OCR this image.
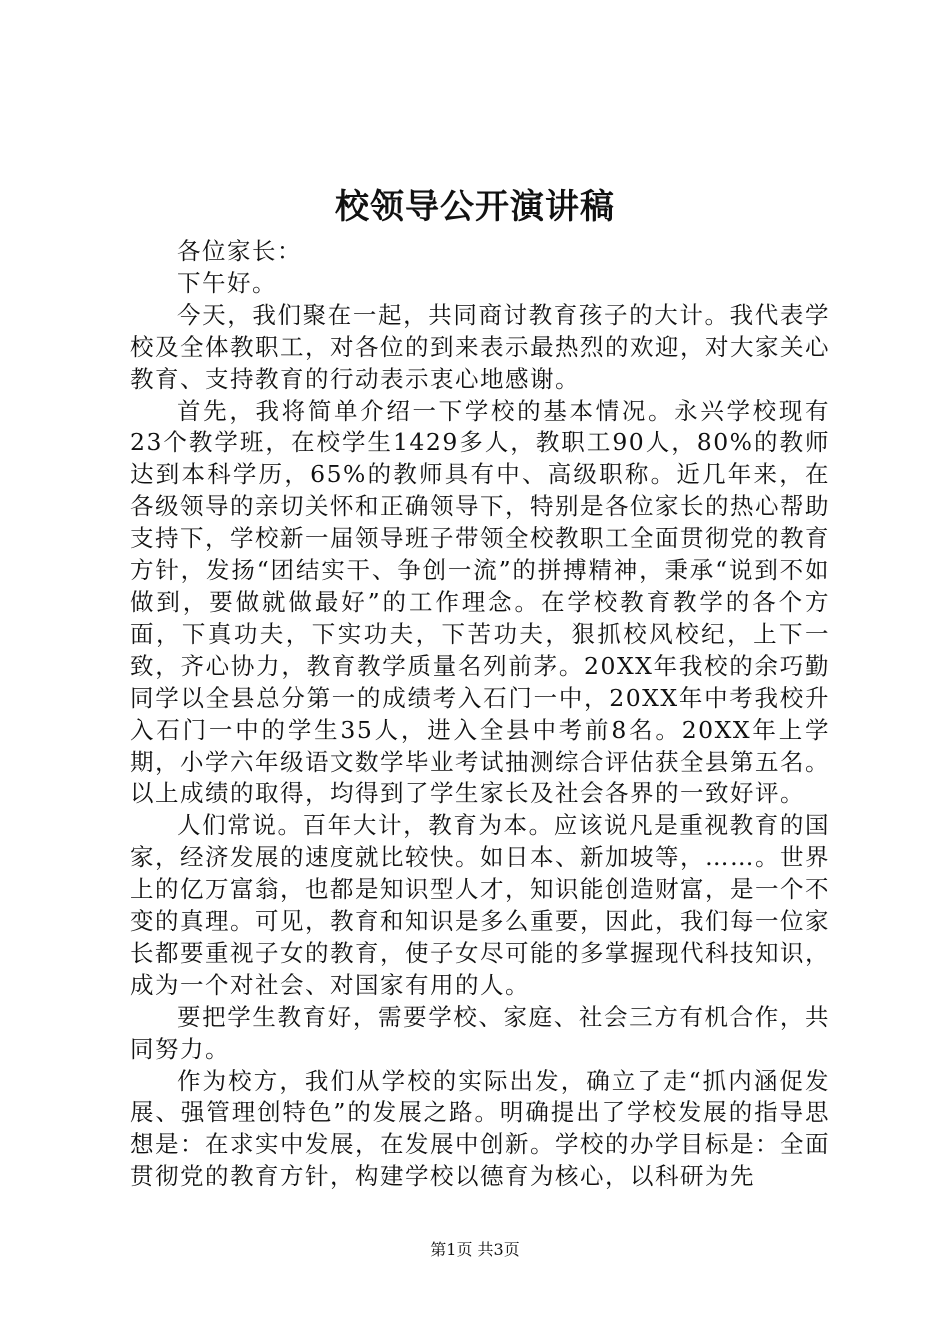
校领导公开演讲稿

各位家长：

下午好。

今天，我们聚在一起，共同商讨教育孩子的大计。我代表学校及全体教职工，对各位的到来表示最热烈的欢迎，对大家关心教育、支持教育的行动表示衷心地感谢。

首先，我将简单介绍一下学校的基本情况。永兴学校现有23个教学班，在校学生1429多人，教职工90人，80%的教师达到本科学历，65%的教师具有中、高级职称。近几年来，在各级领导的亲切关怀和正确领导下，特别是各位家长的热心帮助支持下，学校新一届领导班子带领全校教职工全面贯彻党的教育方针，发扬“团结实干、争创一流”的拼搏精神，秉承“说到不如做到，要做就做最好”的工作理念。在学校教育教学的各个方面，下真功夫，下实功夫，下苦功夫，狠抓校风校纪，上下一致，齐心协力，教育教学质量名列前茅。20XX年我校的余巧勤同学以全县总分第一的成绩考入石门一中，20XX年中考我校升入石门一中的学生35人，进入全县中考前8名。20XX年上学期，小学六年级语文数学毕业考试抽测综合评估获全县第五名。以上成绩的取得，均得到了学生家长及社会各界的一致好评。

人们常说。百年大计，教育为本。应该说凡是重视教育的国家，经济发展的速度就比较快。如日本、新加坡等，……。世界上的亿万富翁，也都是知识型人才，知识能创造财富，是一个不变的真理。可见，教育和知识是多么重要，因此，我们每一位家长都要重视子女的教育，使子女尽可能的多掌握现代科技知识，成为一个对社会、对国家有用的人。

要把学生教育好，需要学校、家庭、社会三方有机合作，共同努力。

作为校方，我们从学校的实际出发，确立了走“抓内涵促发展、强管理创特色”的发展之路。明确提出了学校发展的指导思想是：在求实中发展，在发展中创新。学校的办学目标是：全面贯彻党的教育方针，构建学校以德育为核心，以科研为先

第1页 共3页
